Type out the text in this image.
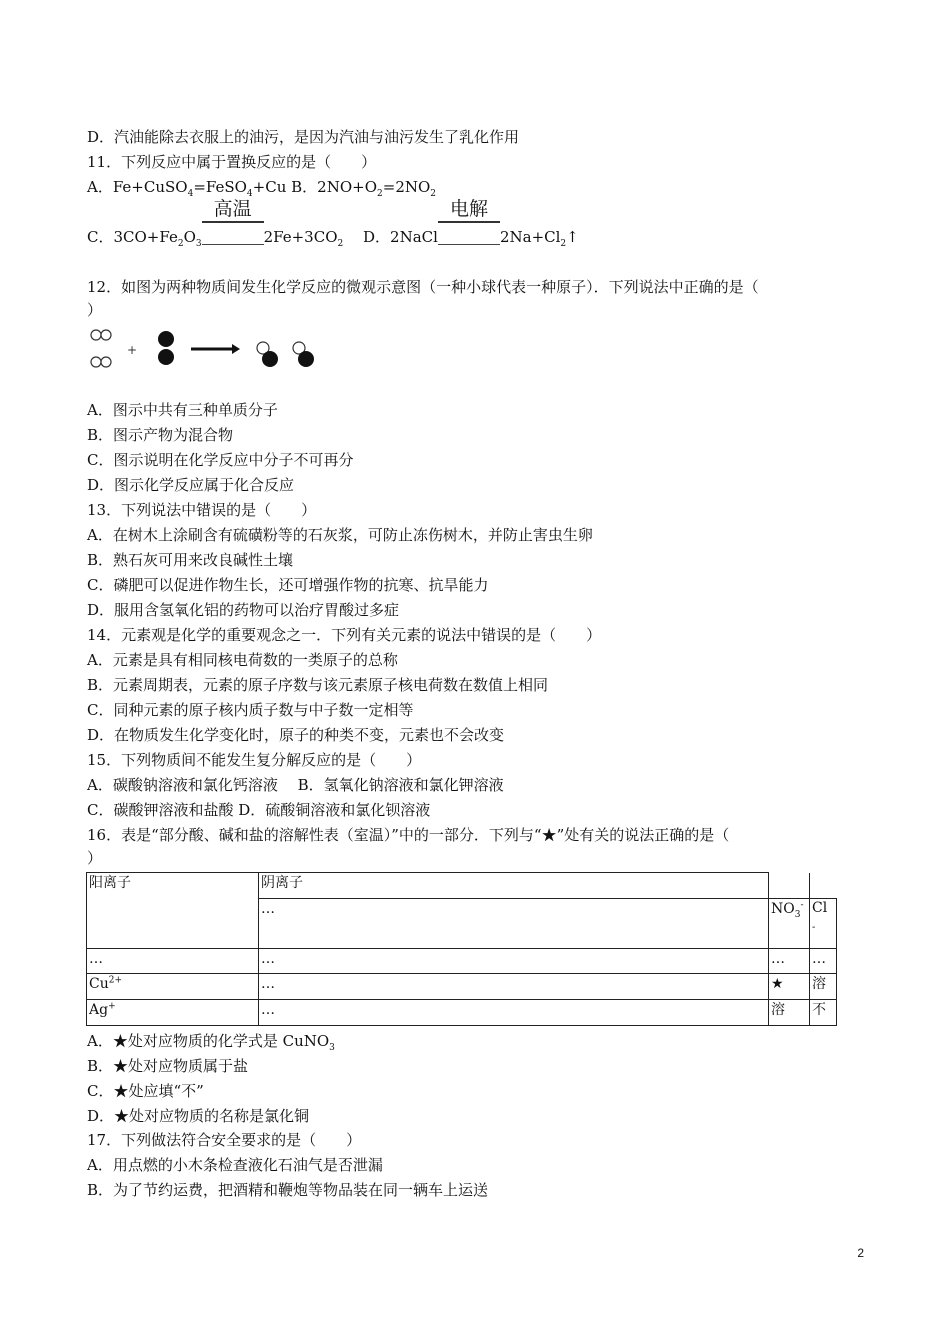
D．汽油能除去衣服上的油污，是因为汽油与油污发生了乳化作用
11．下列反应中属于置换反应的是（　　）
A．Fe+CuSO$_4$=FeSO$_4$+Cu B．$2NO+O_2=2NO_2$
C．$3CO+Fe_2O_3$
高温
$2Fe+3CO_2$　 D．2NaCl
电解
$2Na+Cl_2↑$
12．如图为两种物质间发生化学反应的微观示意图（一种小球代表一种原子）．下列说法中正确的是（
）
+
A．图示中共有三种单质分子
B．图示产物为混合物
C．图示说明在化学反应中分子不可再分
D．图示化学反应属于化合反应
13．下列说法中错误的是（　　）
A．在树木上涂刷含有硫磺粉等的石灰浆，可防止冻伤树木，并防止害虫生卵
B．熟石灰可用来改良碱性土壤
C．磷肥可以促进作物生长，还可增强作物的抗寒、抗旱能力
D．服用含氢氧化铝的药物可以治疗胃酸过多症
14．元素观是化学的重要观念之一．下列有关元素的说法中错误的是（　　）
A．元素是具有相同核电荷数的一类原子的总称
B．元素周期表，元素的原子序数与该元素原子核电荷数在数值上相同
C．同种元素的原子核内质子数与中子数一定相等
D．在物质发生化学变化时，原子的种类不变，元素也不会改变
15．下列物质间不能发生复分解反应的是（　　）
A．碳酸钠溶液和氯化钙溶液　 B．氢氧化钠溶液和氯化钾溶液
C．碳酸钾溶液和盐酸 D．硫酸铜溶液和氯化钡溶液
16．表是“部分酸、碱和盐的溶解性表（室温）”中的一部分．下列与“★”处有关的说法正确的是（
）
阳离子	阴离子		
	…	$NO_3^-$	Cl
-
…	…	…	…
$Cu^{2+}$	…	★	溶
Ag+	…	溶	不
A．★处对应物质的化学式是 CuNO$_3$
B．★处对应物质属于盐
C．★处应填“不”
D．★处对应物质的名称是氯化铜
17．下列做法符合安全要求的是（　　）
A．用点燃的小木条检查液化石油气是否泄漏
B．为了节约运费，把酒精和鞭炮等物品装在同一辆车上运送
2
